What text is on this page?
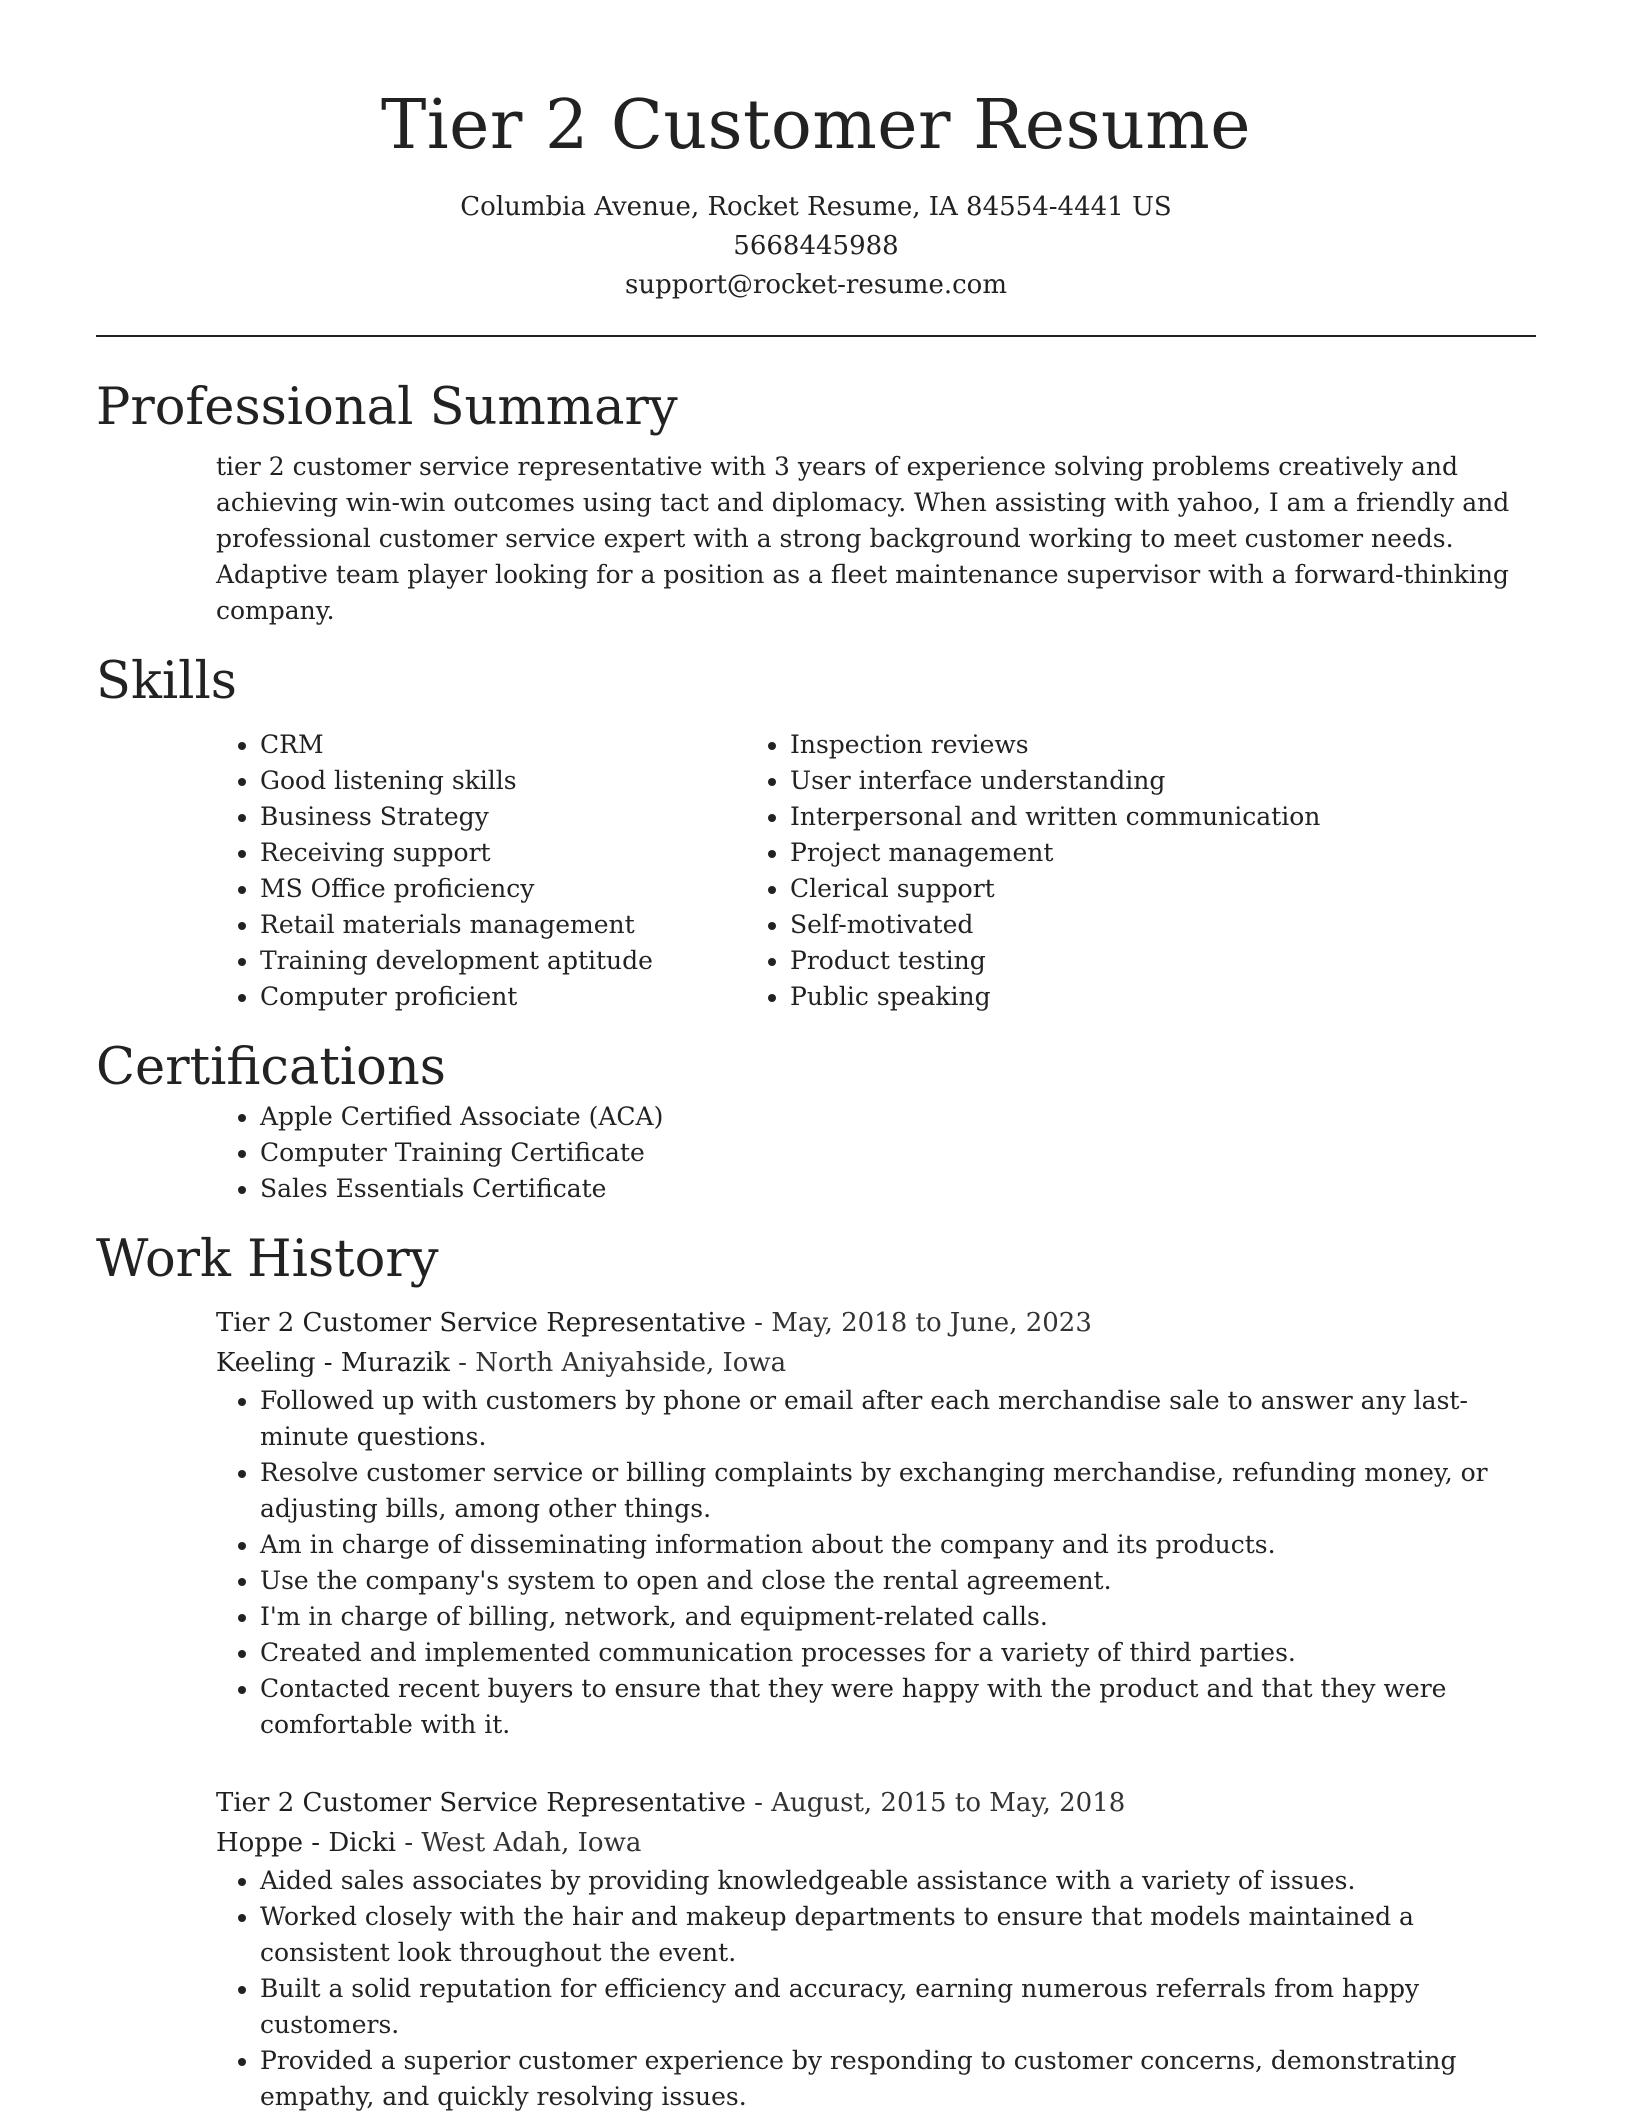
Tier 2 Customer Resume
Columbia Avenue, Rocket Resume, IA 84554-4441 US
5668445988
support@rocket-resume.com
Professional Summary

tier 2 customer service representative with 3 years of experience solving problems creatively and achieving win-win outcomes using tact and diplomacy. When assisting with yahoo, I am a friendly and professional customer service expert with a strong background working to meet customer needs. Adaptive team player looking for a position as a fleet maintenance supervisor with a forward-thinking company.

Skills
• CRM
• Good listening skills
• Business Strategy
• Receiving support
• MS Office proficiency
• Retail materials management
• Training development aptitude
• Computer proficient
• Inspection reviews
• User interface understanding
• Interpersonal and written communication
• Project management
• Clerical support
• Self-motivated
• Product testing
• Public speaking
Certifications
• Apple Certified Associate (ACA)
• Computer Training Certificate
• Sales Essentials Certificate
Work History
Tier 2 Customer Service Representative - May, 2018 to June, 2023
Keeling - Murazik - North Aniyahside, Iowa
• Followed up with customers by phone or email after each merchandise sale to answer any last-minute questions.
• Resolve customer service or billing complaints by exchanging merchandise, refunding money, or adjusting bills, among other things.
• Am in charge of disseminating information about the company and its products.
• Use the company's system to open and close the rental agreement.
• I'm in charge of billing, network, and equipment-related calls.
• Created and implemented communication processes for a variety of third parties.
• Contacted recent buyers to ensure that they were happy with the product and that they were comfortable with it.
Tier 2 Customer Service Representative - August, 2015 to May, 2018
Hoppe - Dicki - West Adah, Iowa
• Aided sales associates by providing knowledgeable assistance with a variety of issues.
• Worked closely with the hair and makeup departments to ensure that models maintained a consistent look throughout the event.
• Built a solid reputation for efficiency and accuracy, earning numerous referrals from happy customers.
• Provided a superior customer experience by responding to customer concerns, demonstrating empathy, and quickly resolving issues.
